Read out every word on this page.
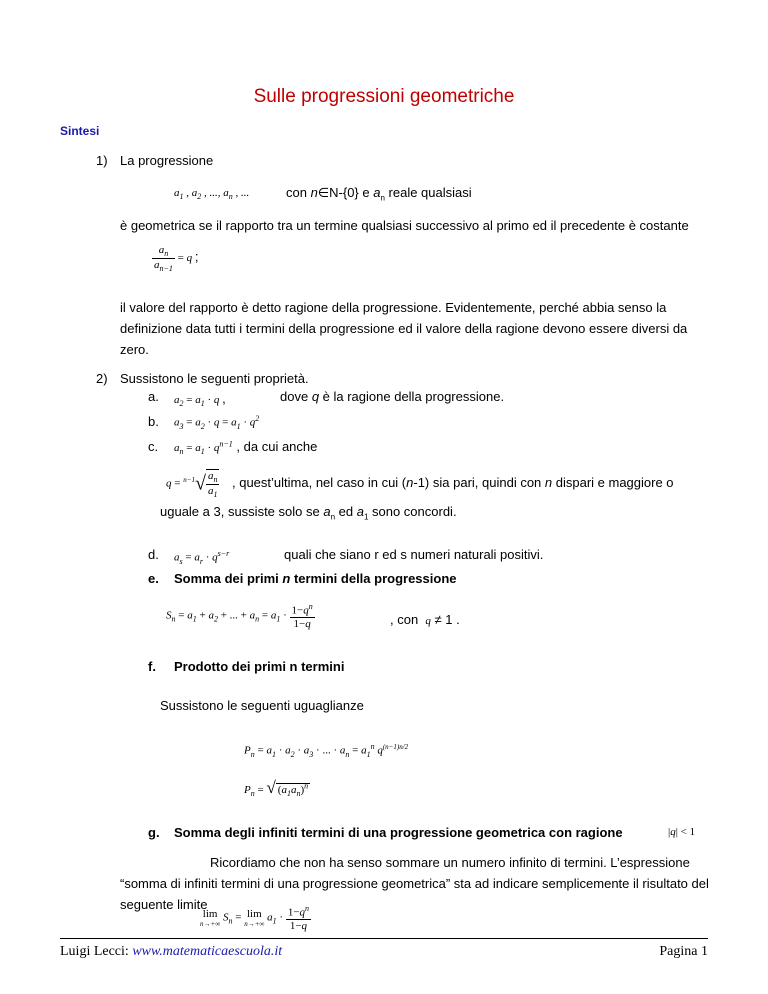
Sulle progressioni geometriche
Sintesi
1) La progressione
$a_1$ , $a_2$ , ..., $a_n$ , ...	con n∈N-{0} e $a_n$ reale qualsiasi
è geometrica se il rapporto tra un termine qualsiasi successivo al primo ed il precedente è costante
$\frac{a_n}{a_{n-1}} = q$ ;
il valore del rapporto è detto ragione della progressione. Evidentemente, perché abbia senso la definizione data tutti i termini della progressione ed il valore della ragione devono essere diversi da zero.
2) Sussistono le seguenti proprietà.
a. $a_2 = a_1 \cdot q$ ,	dove q è la ragione della progressione.
b. $a_3 = a_2 \cdot q = a_1 \cdot q^2$
c. $a_n = a_1 \cdot q^{n-1}$ , da cui anche
$q = ^{n-1}√ \frac{a_n}{a_1}$ , quest’ultima, nel caso in cui (n-1) sia pari, quindi con n dispari e maggiore o
uguale a 3, sussiste solo se $a_n$ ed $a_1$ sono concordi.
d. $a_s = a_r \cdot q^{s-r}$	quali che siano r ed s numeri naturali positivi.
e. Somma dei primi n termini della progressione
$S_n = a_1 + a_2$ + ... + $a_n = a_1 \cdot \frac{1-q^n}{1-q}$	, con  q ≠ 1 .
f. Prodotto dei primi n termini
Sussistono le seguenti uguaglianze
$P_n = a_1 \cdot a_2 \cdot a_3$ · ... · $a_n = a_1^n$ $q^{(n-1)n/2}$
$P_n$ = √ $(a_1a_n)^n$
g. Somma degli infiniti termini di una progressione geometrica con ragione	|q| < 1
Ricordiamo che non ha senso sommare un numero infinito di termini. L’espressione “somma di infiniti termini di una progressione geometrica” sta ad indicare semplicemente il risultato del seguente limite
lim
n→+∞
$S_n = \lim$
n→+∞
$a_1 \cdot \frac{1-q^n}{1-q}$
Luigi Lecci: www.matematicaescuola.it	Pagina 1
